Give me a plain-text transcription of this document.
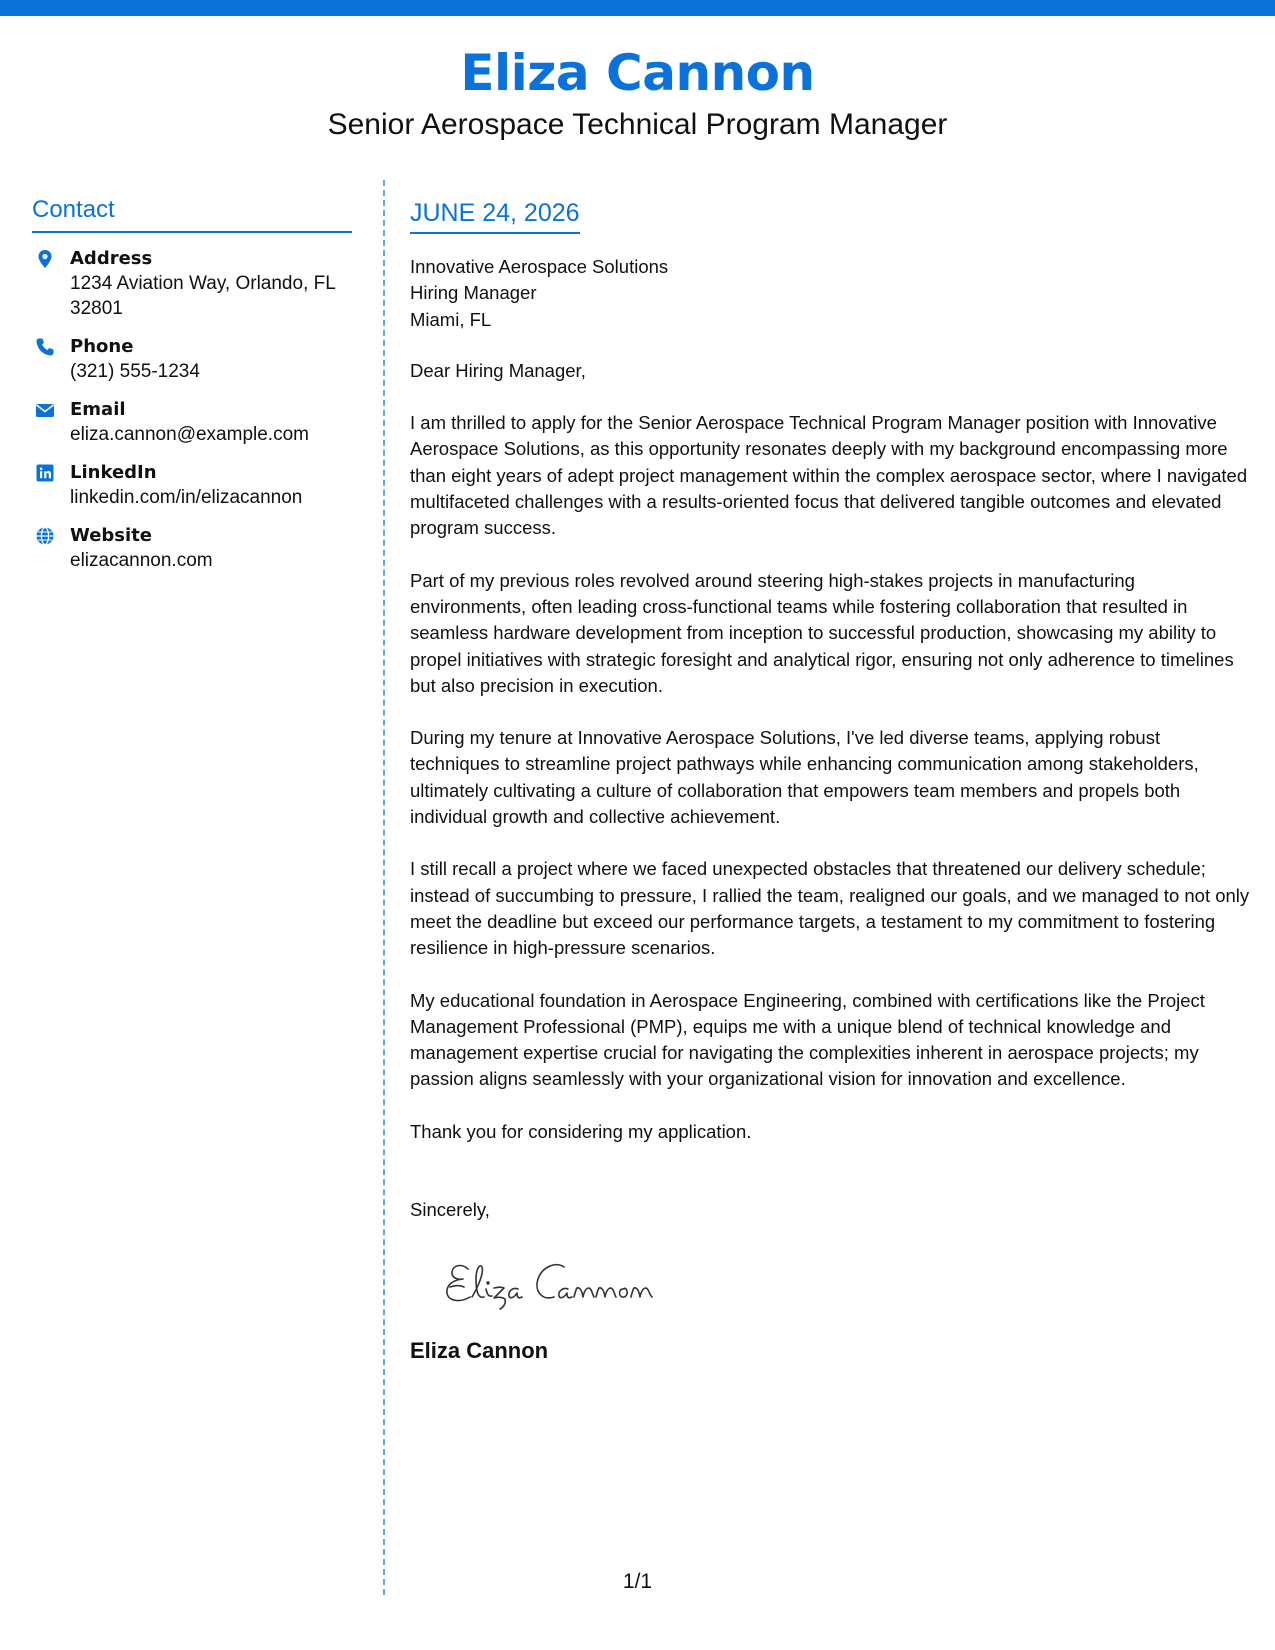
Eliza Cannon
Senior Aerospace Technical Program Manager
Contact
Address
1234 Aviation Way, Orlando, FL 32801
Phone
(321) 555-1234
Email
eliza.cannon@example.com
LinkedIn
linkedin.com/in/elizacannon
Website
elizacannon.com
JUNE 24, 2026
Innovative Aerospace Solutions
Hiring Manager
Miami, FL
Dear Hiring Manager,
I am thrilled to apply for the Senior Aerospace Technical Program Manager position with Innovative Aerospace Solutions, as this opportunity resonates deeply with my background encompassing more than eight years of adept project management within the complex aerospace sector, where I navigated multifaceted challenges with a results-oriented focus that delivered tangible outcomes and elevated program success.
Part of my previous roles revolved around steering high-stakes projects in manufacturing environments, often leading cross-functional teams while fostering collaboration that resulted in seamless hardware development from inception to successful production, showcasing my ability to propel initiatives with strategic foresight and analytical rigor, ensuring not only adherence to timelines but also precision in execution.
During my tenure at Innovative Aerospace Solutions, I've led diverse teams, applying robust techniques to streamline project pathways while enhancing communication among stakeholders, ultimately cultivating a culture of collaboration that empowers team members and propels both individual growth and collective achievement.
I still recall a project where we faced unexpected obstacles that threatened our delivery schedule; instead of succumbing to pressure, I rallied the team, realigned our goals, and we managed to not only meet the deadline but exceed our performance targets, a testament to my commitment to fostering resilience in high-pressure scenarios.
My educational foundation in Aerospace Engineering, combined with certifications like the Project Management Professional (PMP), equips me with a unique blend of technical knowledge and management expertise crucial for navigating the complexities inherent in aerospace projects; my passion aligns seamlessly with your organizational vision for innovation and excellence.
Thank you for considering my application.
Sincerely,
Eliza Cannon
Eliza Cannon
1/1
